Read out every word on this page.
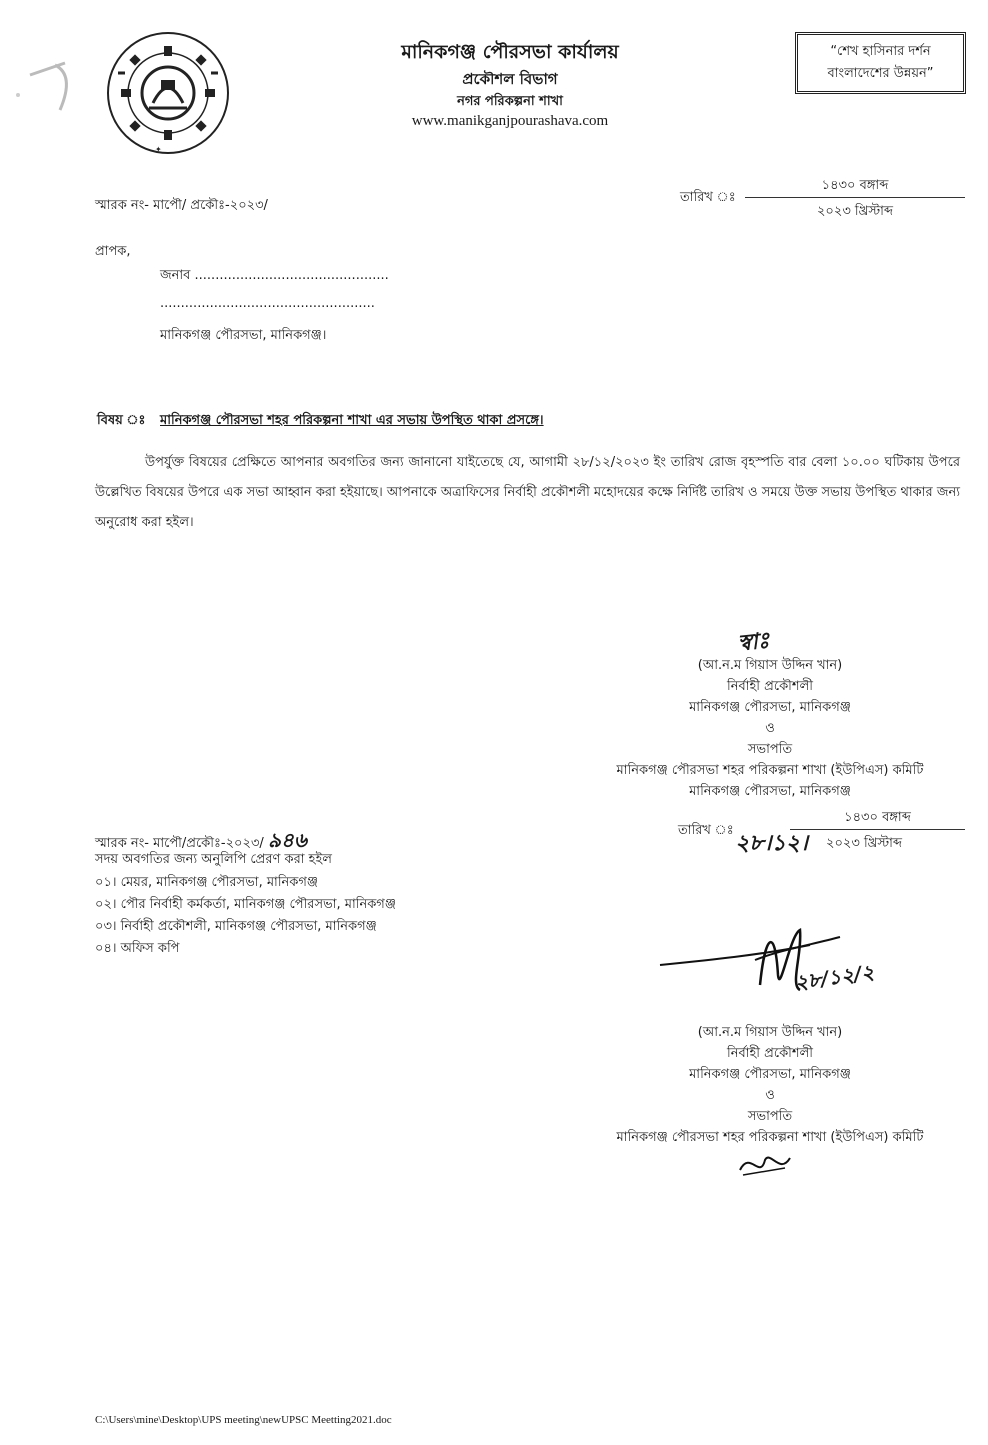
✦
মানিকগঞ্জ পৌরসভা কার্যালয়
প্রকৌশল বিভাগ
নগর পরিকল্পনা শাখা
www.manikganjpourashava.com
“শেখ হাসিনার দর্শন
বাংলাদেশের উন্নয়ন”
স্মারক নং- মাপৌ/ প্রকৌঃ-২০২৩/
তারিখ ঃ
১৪৩০ বঙ্গাব্দ
২০২৩ খ্রিস্টাব্দ
প্রাপক,
জনাব ...............................................
....................................................
মানিকগঞ্জ পৌরসভা, মানিকগঞ্জ।
বিষয় ঃ মানিকগঞ্জ পৌরসভা শহর পরিকল্পনা শাখা এর সভায় উপস্থিত থাকা প্রসঙ্গে।
উপর্যুক্ত বিষয়ের প্রেক্ষিতে আপনার অবগতির জন্য জানানো যাইতেছে যে, আগামী ২৮/১২/২০২৩ ইং তারিখ রোজ বৃহস্পতি বার বেলা ১০.০০ ঘটিকায় উপরে উল্লেখিত বিষয়ের উপরে এক সভা আহ্বান করা হইয়াছে। আপনাকে অত্রাফিসের নির্বাহী প্রকৌশলী মহোদয়ের কক্ষে নির্দিষ্ট তারিখ ও সময়ে উক্ত সভায় উপস্থিত থাকার জন্য অনুরোধ করা হইল।
স্বাঃ
(আ.ন.ম গিয়াস উদ্দিন খান)
নির্বাহী প্রকৌশলী
মানিকগঞ্জ পৌরসভা, মানিকগঞ্জ
ও
সভাপতি
মানিকগঞ্জ পৌরসভা শহর পরিকল্পনা শাখা (ইউপিএস) কমিটি
মানিকগঞ্জ পৌরসভা, মানিকগঞ্জ
স্মারক নং- মাপৌ/প্রকৌঃ-২০২৩/ ৯৪৬	তারিখ ঃ
১৪৩০ বঙ্গাব্দ
২৮।১২। ২০২৩ খ্রিস্টাব্দ
সদয় অবগতির জন্য অনুলিপি প্রেরণ করা হইল
০১। মেয়র, মানিকগঞ্জ পৌরসভা, মানিকগঞ্জ
০২। পৌর নির্বাহী কর্মকর্তা, মানিকগঞ্জ পৌরসভা, মানিকগঞ্জ
০৩। নির্বাহী প্রকৌশলী, মানিকগঞ্জ পৌরসভা, মানিকগঞ্জ
০৪। অফিস কপি
২৮/১২/২
(আ.ন.ম গিয়াস উদ্দিন খান)
নির্বাহী প্রকৌশলী
মানিকগঞ্জ পৌরসভা, মানিকগঞ্জ
ও
সভাপতি
মানিকগঞ্জ পৌরসভা শহর পরিকল্পনা শাখা (ইউপিএস) কমিটি
C:\Users\mine\Desktop\UPS meeting\newUPSC Meetting2021.doc
